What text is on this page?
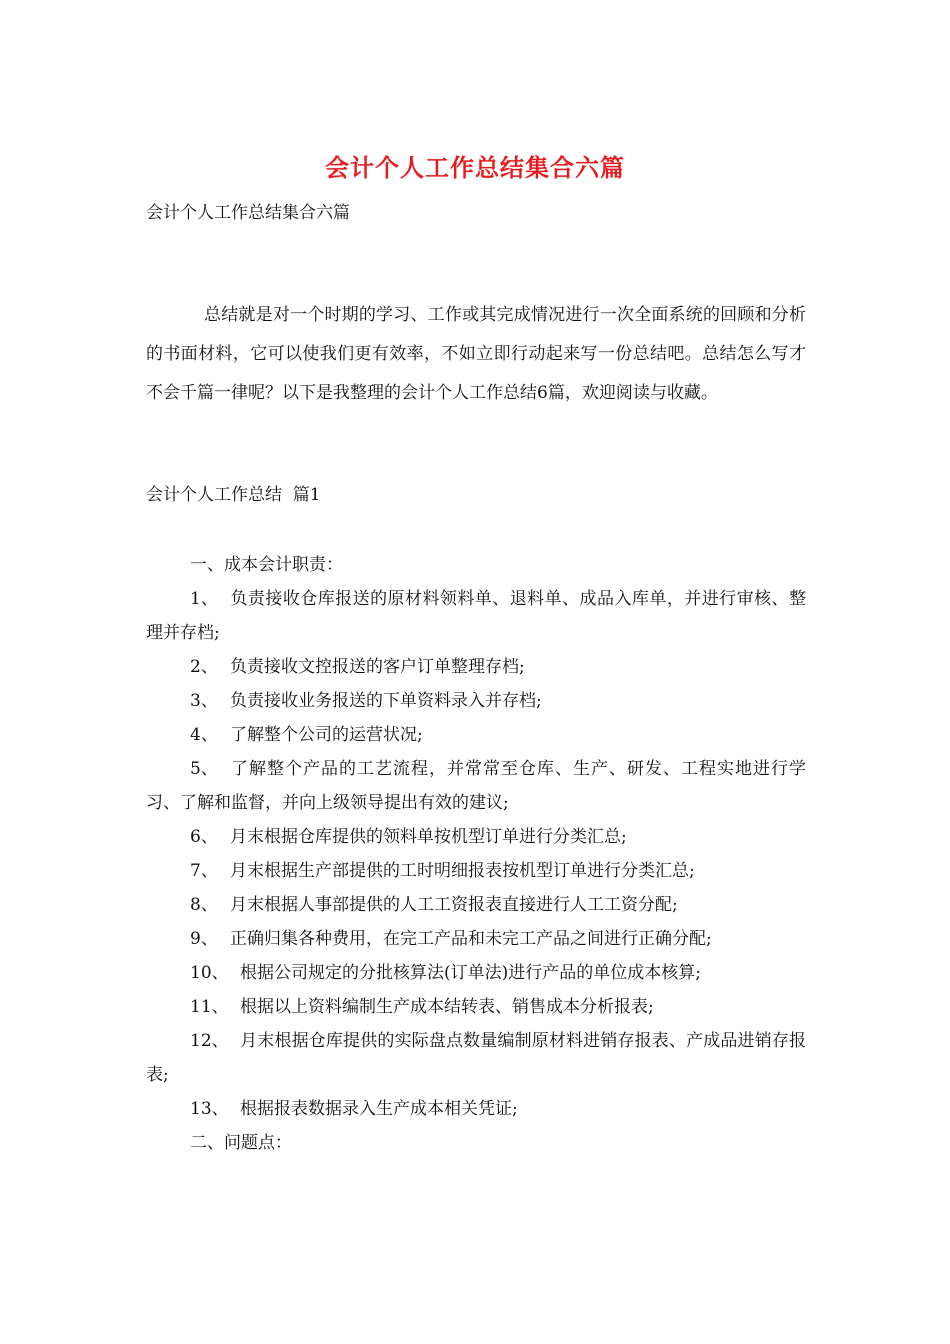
会计个人工作总结集合六篇
会计个人工作总结集合六篇

总结就是对一个时期的学习、工作或其完成情况进行一次全面系统的回顾和分析的书面材料，它可以使我们更有效率，不如立即行动起来写一份总结吧。总结怎么写才不会千篇一律呢？以下是我整理的会计个人工作总结6篇，欢迎阅读与收藏。

会计个人工作总结  篇1

一、成本会计职责：

1、 负责接收仓库报送的原材料领料单、退料单、成品入库单，并进行审核、整理并存档;

2、 负责接收文控报送的客户订单整理存档;

3、 负责接收业务报送的下单资料录入并存档;

4、 了解整个公司的运营状况;

5、 了解整个产品的工艺流程，并常常至仓库、生产、研发、工程实地进行学习、了解和监督，并向上级领导提出有效的建议;

6、 月末根据仓库提供的领料单按机型订单进行分类汇总;

7、 月末根据生产部提供的工时明细报表按机型订单进行分类汇总;

8、 月末根据人事部提供的人工工资报表直接进行人工工资分配;

9、 正确归集各种费用，在完工产品和未完工产品之间进行正确分配;

10、 根据公司规定的分批核算法(订单法)进行产品的单位成本核算;

11、 根据以上资料编制生产成本结转表、销售成本分析报表;

12、 月末根据仓库提供的实际盘点数量编制原材料进销存报表、产成品进销存报表;

13、 根据报表数据录入生产成本相关凭证;

二、问题点：
